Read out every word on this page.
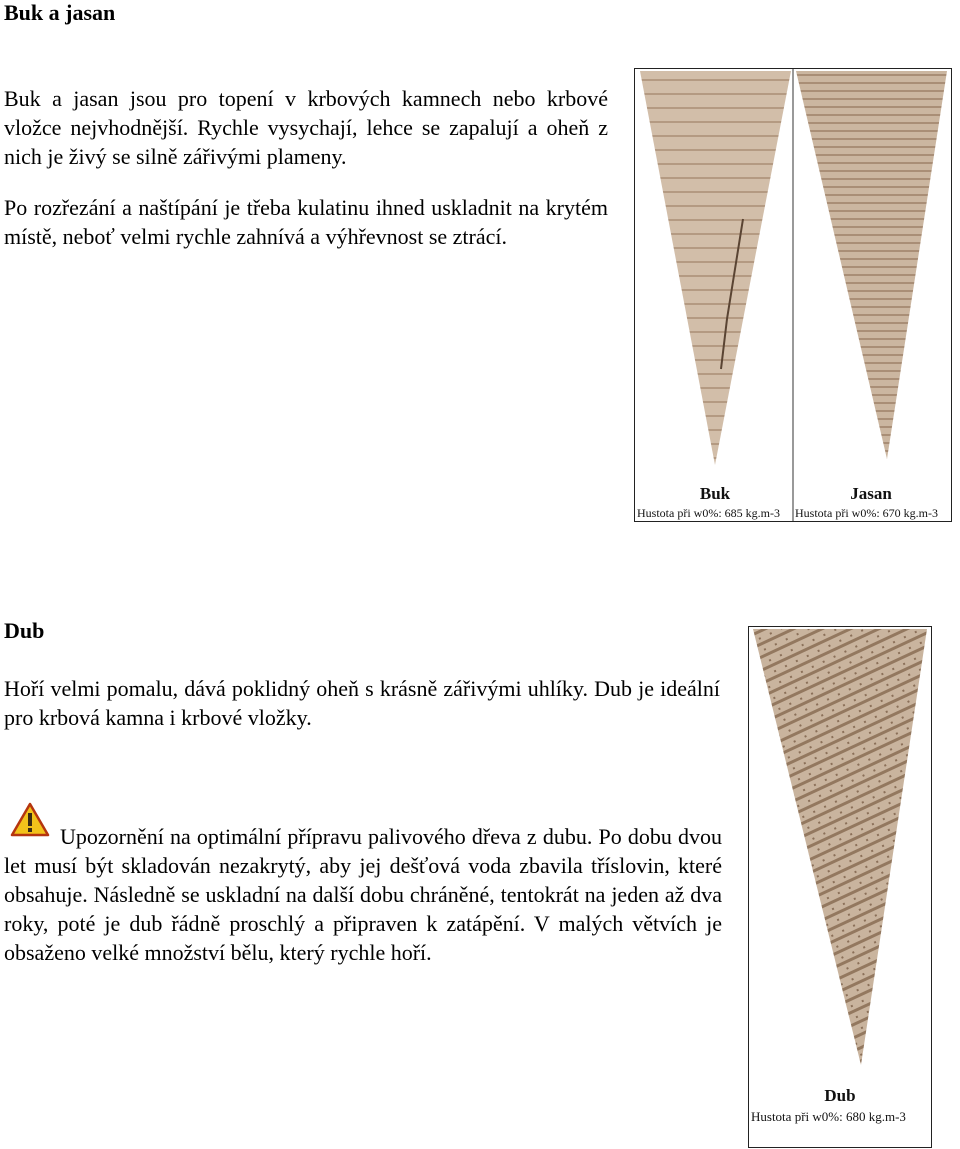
Buk a jasan

Buk a jasan jsou pro topení v krbových kamnech nebo krbové vložce nejvhodnější. Rychle vysychají, lehce se zapalují a oheň z nich je živý se silně zářivými plameny.

Po rozřezání a naštípání je třeba kulatinu ihned uskladnit na krytém místě, neboť velmi rychle zahnívá a výhřevnost se ztrácí.

Buk
Hustota při w0%: 685 kg.m-3
Jasan
Hustota při w0%: 670 kg.m-3
Dub

Hoří velmi pomalu, dává poklidný oheň s krásně zářivými uhlíky. Dub je ideální pro krbová kamna i krbové vložky.

Dub
Hustota při w0%: 680 kg.m-3

Upozornění na optimální přípravu palivového dřeva z dubu. Po dobu dvou let musí být skladován nezakrytý, aby jej dešťová voda zbavila tříslovin, které obsahuje. Následně se uskladní na další dobu chráněné, tentokrát na jeden až dva roky, poté je dub řádně proschlý a připraven k zatápění. V malých větvích je obsaženo velké množství bělu, který rychle hoří.
